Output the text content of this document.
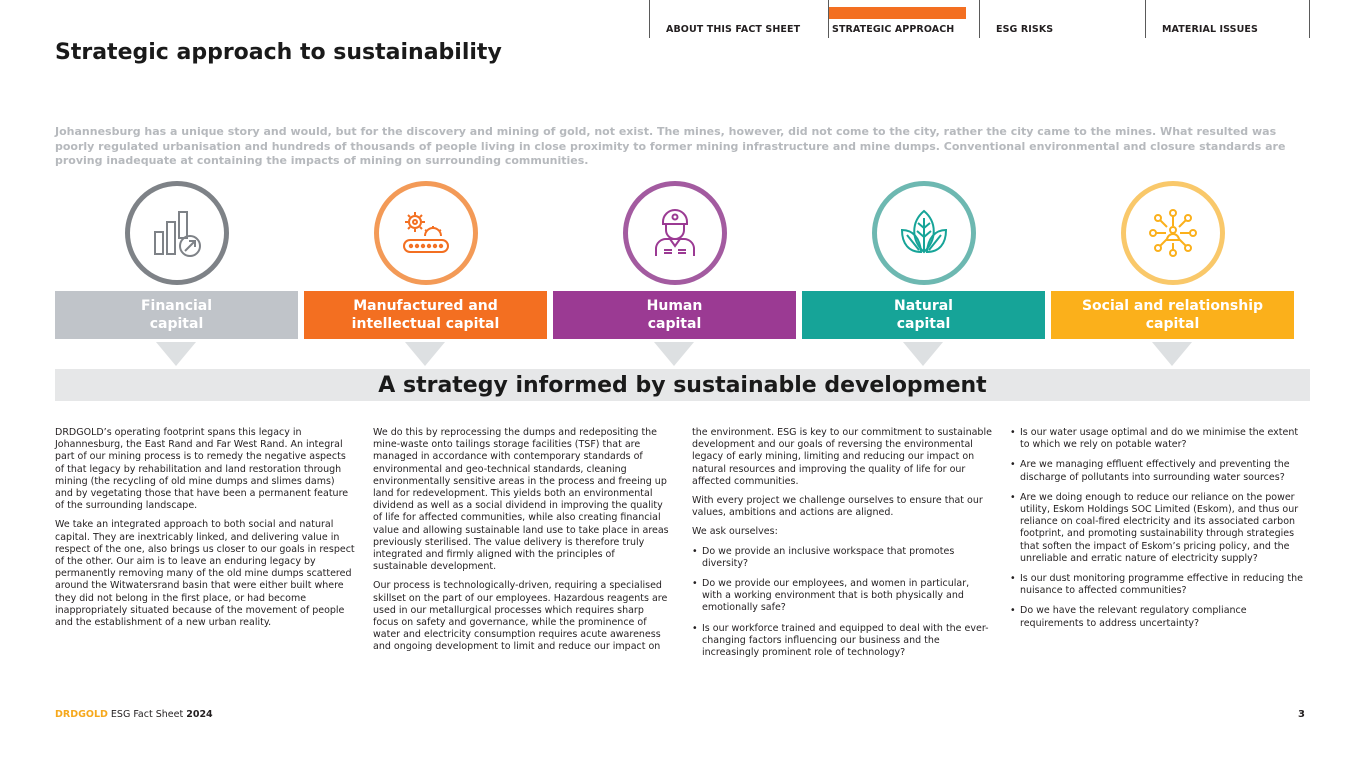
ABOUT THIS FACT SHEET	STRATEGIC APPROACH	ESG RISKS	MATERIAL ISSUES
Strategic approach to sustainability

Johannesburg has a unique story and would, but for the discovery and mining of gold, not exist. The mines, however, did not come to the city, rather the city came to the mines. What resulted was poorly regulated urbanisation and hundreds of thousands of people living in close proximity to former mining infrastructure and mine dumps. Conventional environmental and closure standards are proving inadequate at containing the impacts of mining on surrounding communities.

Financial
capital
Manufactured and
intellectual capital
Human
capital
Natural
capital
Social and relationship
capital
A strategy informed by sustainable development

DRDGOLD’s operating footprint spans this legacy in Johannesburg, the East Rand and Far West Rand. An integral part of our mining process is to remedy the negative aspects of that legacy by rehabilitation and land restoration through mining (the recycling of old mine dumps and slimes dams) and by vegetating those that have been a permanent feature of the surrounding landscape.

We take an integrated approach to both social and natural capital. They are inextricably linked, and delivering value in respect of the one, also brings us closer to our goals in respect of the other. Our aim is to leave an enduring legacy by permanently removing many of the old mine dumps scattered around the Witwatersrand basin that were either built where they did not belong in the first place, or had become inappropriately situated because of the movement of people and the establishment of a new urban reality.

We do this by reprocessing the dumps and redepositing the mine-waste onto tailings storage facilities (TSF) that are managed in accordance with contemporary standards of environmental and geo-technical standards, cleaning environmentally sensitive areas in the process and freeing up land for redevelopment. This yields both an environmental dividend as well as a social dividend in improving the quality of life for affected communities, while also creating financial value and allowing sustainable land use to take place in areas previously sterilised. The value delivery is therefore truly integrated and firmly aligned with the principles of sustainable development.

Our process is technologically-driven, requiring a specialised skillset on the part of our employees. Hazardous reagents are used in our metallurgical processes which requires sharp focus on safety and governance, while the prominence of water and electricity consumption requires acute awareness and ongoing development to limit and reduce our impact on

the environment. ESG is key to our commitment to sustainable development and our goals of reversing the environmental legacy of early mining, limiting and reducing our impact on natural resources and improving the quality of life for our affected communities.

With every project we challenge ourselves to ensure that our values, ambitions and actions are aligned.

We ask ourselves:

• Do we provide an inclusive workspace that promotes diversity?
• Do we provide our employees, and women in particular, with a working environment that is both physically and emotionally safe?
• Is our workforce trained and equipped to deal with the ever-changing factors influencing our business and the increasingly prominent role of technology?
• Is our water usage optimal and do we minimise the extent to which we rely on potable water?
• Are we managing effluent effectively and preventing the discharge of pollutants into surrounding water sources?
• Are we doing enough to reduce our reliance on the power utility, Eskom Holdings SOC Limited (Eskom), and thus our reliance on coal-fired electricity and its associated carbon footprint, and promoting sustainability through strategies that soften the impact of Eskom’s pricing policy, and the unreliable and erratic nature of electricity supply?
• Is our dust monitoring programme effective in reducing the nuisance to affected communities?
• Do we have the relevant regulatory compliance requirements to address uncertainty?
DRDGOLD ESG Fact Sheet 2024	3
